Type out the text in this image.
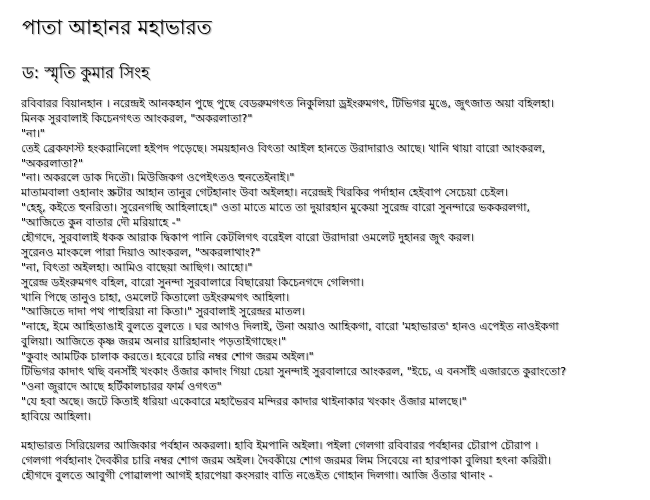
পাতা আহানর মহাভারত
ড: স্মৃতি কুমার সিংহ
রবিবারর বিয়ানহান । নরেন্দ্রই আনকহান পুছে পুছে বেডরুমগৎত নিকুলিয়া ড্রইংরুমগৎ, টিভিগর মুঙে, জুৎজাত অয়া বহিলহা।
মিনক সুরবালাই কিচেনগৎত আংকরল, "অকরলাতা?"
"না।"
তেই ব্রেকফাস্ট হংকরানিলো হইপদ পড়েছে। সময়হানও বিৎতা আইল হানতে উরাদারাও আছে। খানি থায়া বারো আংকরল,
"অকরলাতা?"
"না। অকরলে ডাক দিতৌ। মিউজিকগ ওপেইৎতও হুনতেইনাই।"
মাতামবালা ওহানাং স্ক্রটার আহান তানুর গেটহানাং উবা অইলহা। নরেন্দ্রই খিরকির পর্দাহান হেইবাপ সেচেয়া চেইল।
"হেহ্, কইতে হুনরিতা। সুরেনগছি আহিলাহে।" ওতা মাতে মাতে তা দুয়ারহান মুকেয়া সুরেন্দ্র বারো সুনন্দারে ভককরলগা,
"আজিতে কুন বাতার দৌ মরিয়াহে -"
হৌগদে, সুরবালাই ধকক আরাক দ্বিকাপ পানি কেটলিগৎ বরেইল বারো উরাদারা ওমলেট দুহানর জুৎ করল।
সুরেনও মাংকলে পারা দিয়াও আংকরল, "অকরলাথাং?"
"না, বিৎতা অইলহা। আমিও বাছেয়া আছিগ। আহো।"
সুরেন্দ্র ডইংরুমগৎ বহিল, বারো সুনন্দা সুরবালারে বিছারেয়া কিচেনগদে গেলিগা।
খানি পিছে তানুও চাহা, ওমলেট কিতালো ডইংরুমগৎ আহিলা।
"আজিতে দাদা পথ পাহুরিয়া না কিতা।" সুরবালাই সুরেন্দ্রর মাতল।
"নাহে, ইমে আহিতাঙাই বুলতে বুলতে । ঘর আগও দিলাই, উনা অয়াও আহিকগা, বারো 'মহাভারত' হানও এপেইত নাওইকগা
বুলিয়া। আজিতে কৃষ্ণ জরম অনার য়ারিহানাং পড়তাইগাছেং।"
"কুবাং আমটিক চালাক করতে। হবেরে চারি নম্বর শোগ জরম অইল।"
টিভিগর কাদাৎ থছি বনসাঁই খংকাং ওঁজার কাদাং গিয়া চেয়া সুনন্দাই সুরবালারে আংকরল, "ইচে, এ বনসাঁই এজারতে কুরাংতো?
"ওনা জুরাদে আছে হর্টিকালচারর ফার্ম ওগৎত"
"যে হবা অছে। জটে কিতাই ধরিয়া একেবারে মহাভৈরব মন্দিরর কাদার থাইনাকার খংকাং ওঁজার মালছে।"
হাবিয়ে আহিলা।
মহাভারত সিরিয়েলর আজিকার পর্বহান অকরলা। হাবি ইমপানি অইলা। পইলা গেলগা রবিবারর পর্বহানর চৌরাপ চৌরাপ ।
গেলগা পর্বহানাং দৈবকীর চারি নম্বর শোগ জরম অইল। দৈবকীয়ে শোগ জরমর লিম সিবেয়ে না হারপাকা বুলিয়া হৎনা করিরী।
হৌগদে বুলতে আবুগী পোৱালপা আগই হারপেয়া কংসরাং বাতি নঙেইত গোহান দিলগা। আজি ওঁতার থানাং -
